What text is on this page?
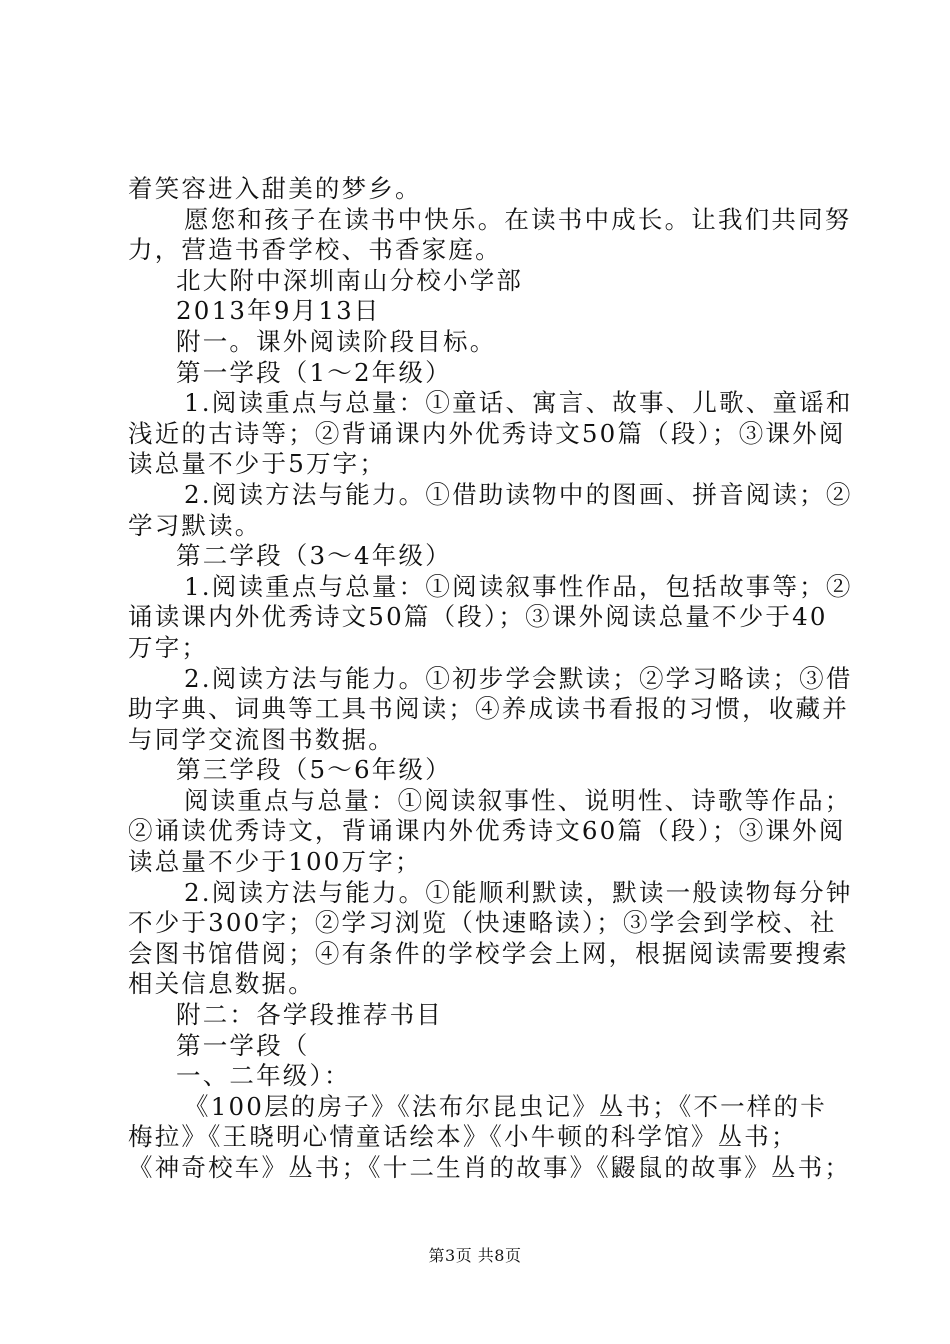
着笑容进入甜美的梦乡。
愿您和孩子在读书中快乐。在读书中成长。让我们共同努
力，营造书香学校、书香家庭。
北大附中深圳南山分校小学部
2013年9月13日
附一。课外阅读阶段目标。
第一学段（1～2年级）
1.阅读重点与总量：①童话、寓言、故事、儿歌、童谣和
浅近的古诗等；②背诵课内外优秀诗文50篇（段）；③课外阅
读总量不少于5万字；
2.阅读方法与能力。①借助读物中的图画、拼音阅读；②
学习默读。
第二学段（3～4年级）
1.阅读重点与总量：①阅读叙事性作品，包括故事等；②
诵读课内外优秀诗文50篇（段）；③课外阅读总量不少于40
万字；
2.阅读方法与能力。①初步学会默读；②学习略读；③借
助字典、词典等工具书阅读；④养成读书看报的习惯，收藏并
与同学交流图书数据。
第三学段（5～6年级）
阅读重点与总量：①阅读叙事性、说明性、诗歌等作品；
②诵读优秀诗文，背诵课内外优秀诗文60篇（段）；③课外阅
读总量不少于100万字；
2.阅读方法与能力。①能顺利默读，默读一般读物每分钟
不少于300字；②学习浏览（快速略读）；③学会到学校、社
会图书馆借阅；④有条件的学校学会上网，根据阅读需要搜索
相关信息数据。
附二：各学段推荐书目
第一学段（
一、二年级）：
《100层的房子》《法布尔昆虫记》丛书；《不一样的卡
梅拉》《王晓明心情童话绘本》《小牛顿的科学馆》丛书；
《神奇校车》丛书；《十二生肖的故事》《鼹鼠的故事》丛书；
第3页 共8页
